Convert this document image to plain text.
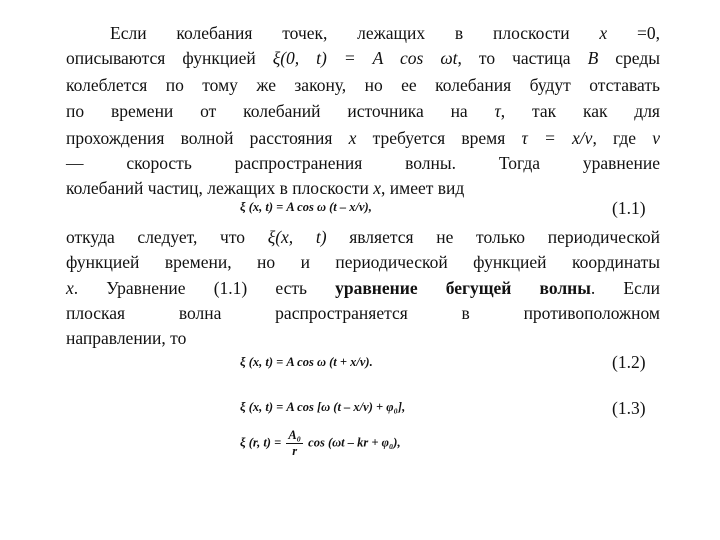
Если колебания точек, лежащих в плоскости x =0,
описываются функцией ξ(0, t) = A cos ωt, то частица B среды
колеблется по тому же закону, но ее колебания будут отставать
по времени от колебаний источника на τ, так как для
прохождения волной расстояния x требуется время τ = x/v, где v
— скорость распространения волны. Тогда уравнение
колебаний частиц, лежащих в плоскости x, имеет вид
ξ (x, t) = A cos ω (t – x/v),	(1.1)
откуда следует, что ξ(x, t) является не только периодической
функцией времени, но и периодической функцией координаты
x. Уравнение (1.1) есть уравнение бегущей волны. Если
плоская волна распространяется в противоположном
направлении, то
ξ (x, t) = A cos ω (t + x/v).	(1.2)
ξ (x, t) = A cos [ω (t – x/v) + φ₀],	(1.3)
ξ (r, $t) = \frac{\text{A₀}}{r}$ cos (ωt – kr + φ₀),
